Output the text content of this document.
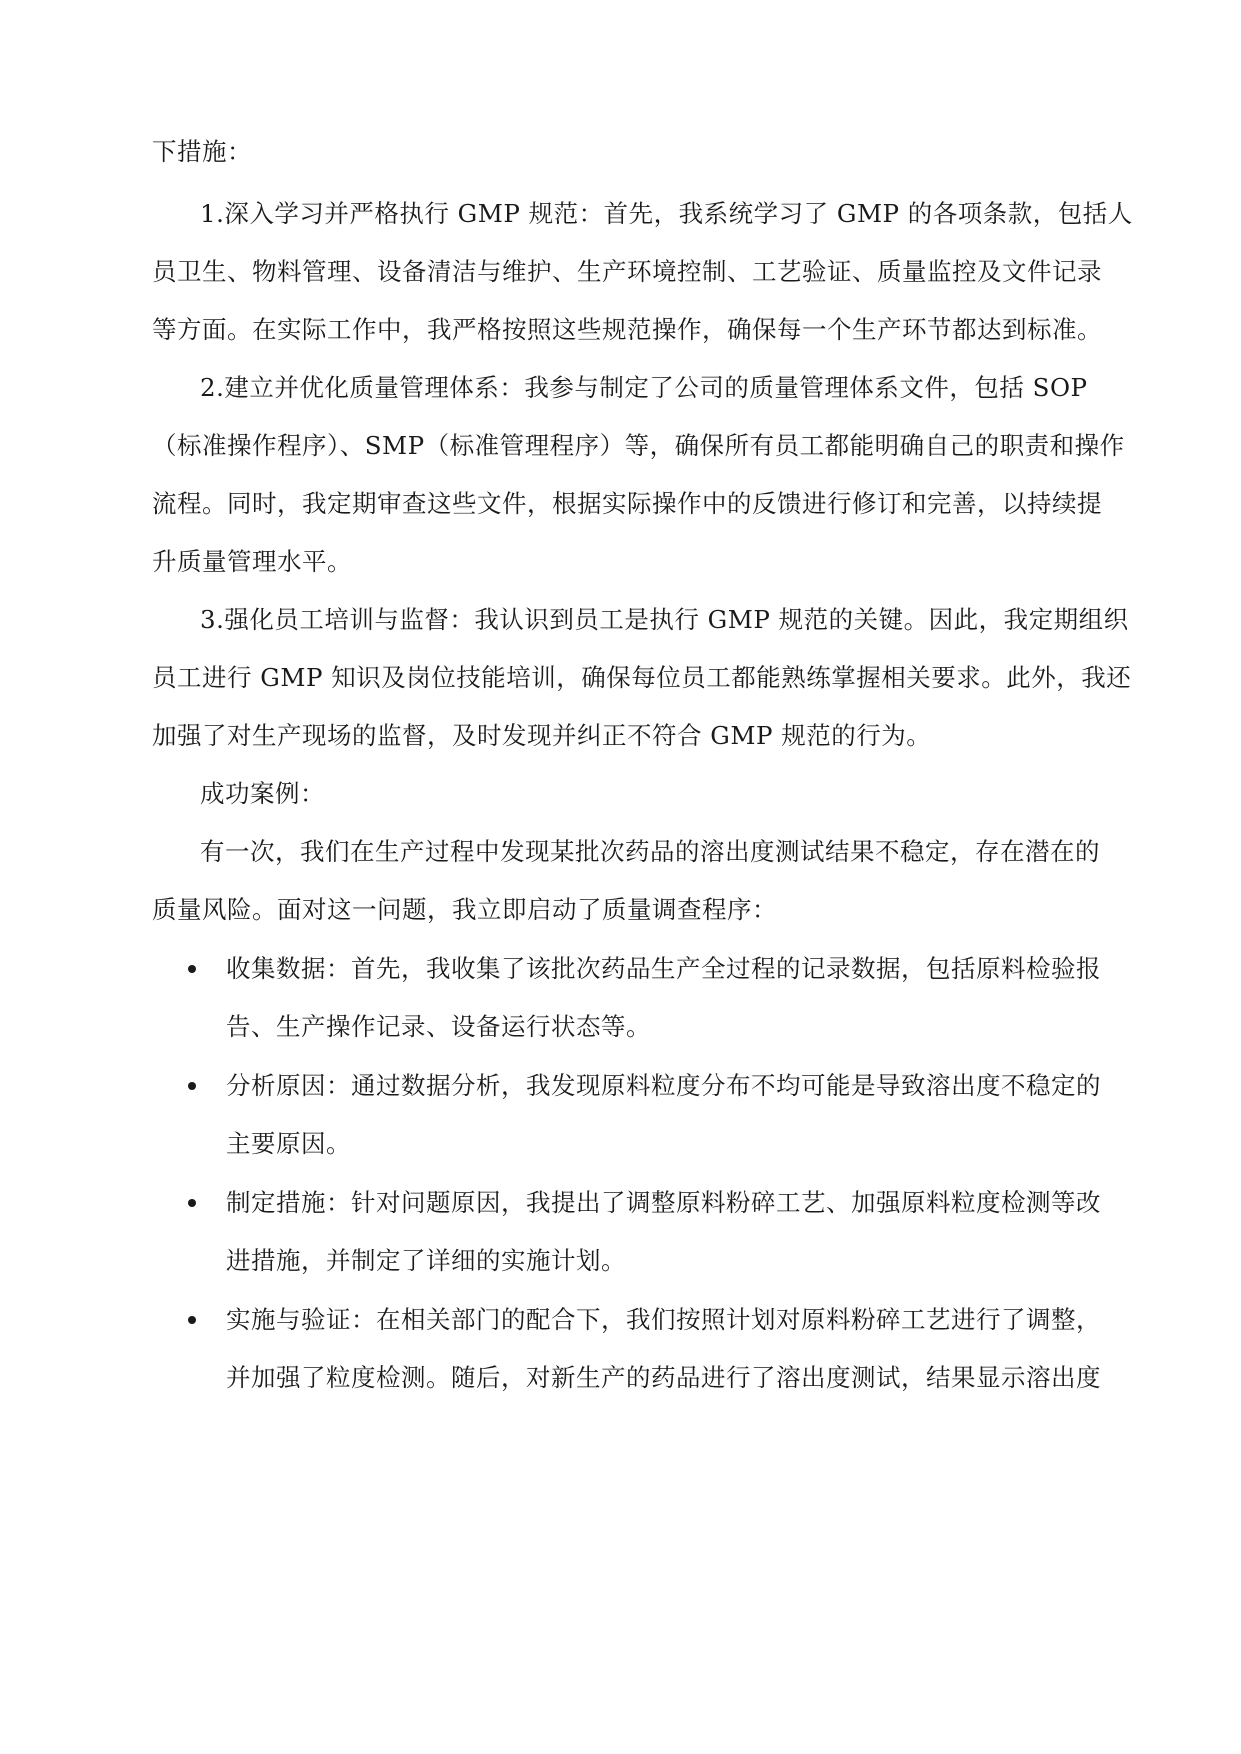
下措施：
1.深入学习并严格执行 GMP 规范：首先，我系统学习了 GMP 的各项条款，包括人
员卫生、物料管理、设备清洁与维护、生产环境控制、工艺验证、质量监控及文件记录
等方面。在实际工作中，我严格按照这些规范操作，确保每一个生产环节都达到标准。
2.建立并优化质量管理体系：我参与制定了公司的质量管理体系文件，包括 SOP
（标准操作程序）、SMP（标准管理程序）等，确保所有员工都能明确自己的职责和操作
流程。同时，我定期审查这些文件，根据实际操作中的反馈进行修订和完善，以持续提
升质量管理水平。
3.强化员工培训与监督：我认识到员工是执行 GMP 规范的关键。因此，我定期组织
员工进行 GMP 知识及岗位技能培训，确保每位员工都能熟练掌握相关要求。此外，我还
加强了对生产现场的监督，及时发现并纠正不符合 GMP 规范的行为。
成功案例：
有一次，我们在生产过程中发现某批次药品的溶出度测试结果不稳定，存在潜在的
质量风险。面对这一问题，我立即启动了质量调查程序：
收集数据：首先，我收集了该批次药品生产全过程的记录数据，包括原料检验报
告、生产操作记录、设备运行状态等。
分析原因：通过数据分析，我发现原料粒度分布不均可能是导致溶出度不稳定的
主要原因。
制定措施：针对问题原因，我提出了调整原料粉碎工艺、加强原料粒度检测等改
进措施，并制定了详细的实施计划。
实施与验证：在相关部门的配合下，我们按照计划对原料粉碎工艺进行了调整，
并加强了粒度检测。随后，对新生产的药品进行了溶出度测试，结果显示溶出度
